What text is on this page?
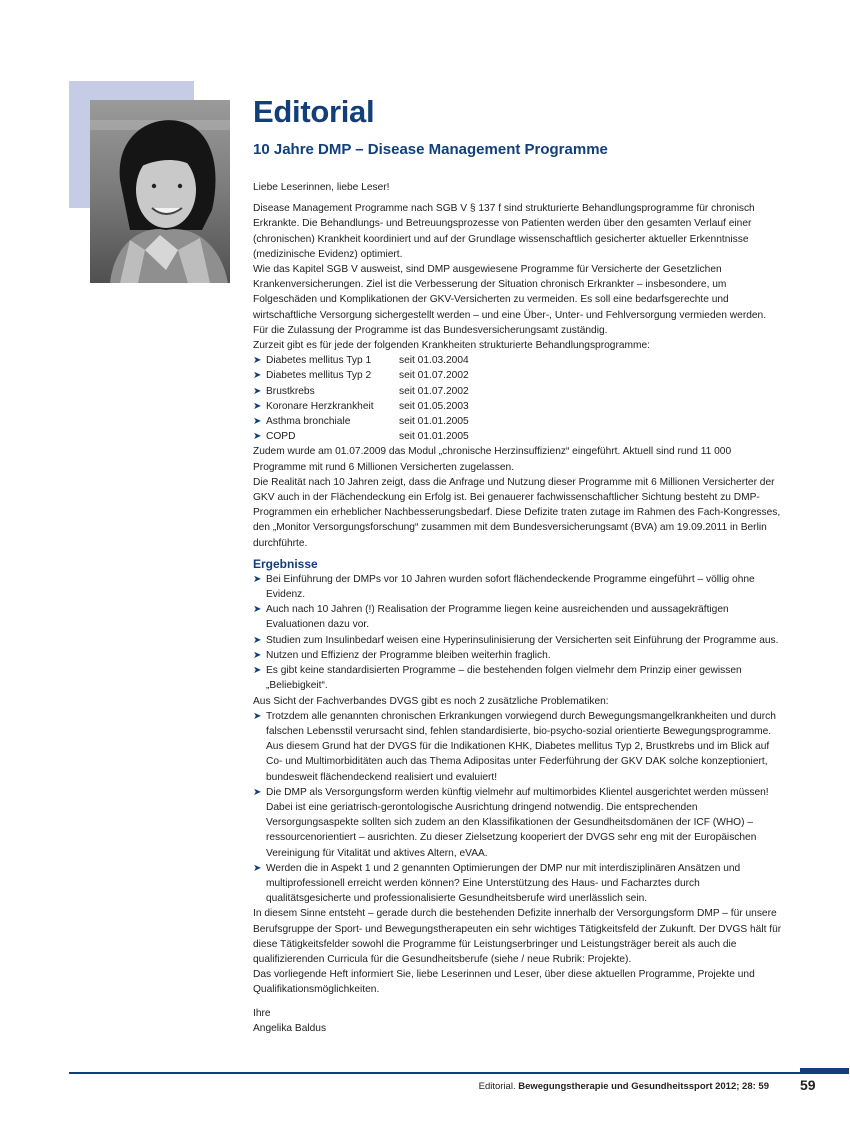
Editorial
10 Jahre DMP – Disease Management Programme

Liebe Leserinnen, liebe Leser!

Disease Management Programme nach SGB V § 137 f sind strukturierte Behandlungsprogramme für chronisch Erkrankte. Die Behandlungs- und Betreuungsprozesse von Patienten werden über den gesamten Verlauf einer (chronischen) Krankheit koordiniert und auf der Grundlage wissenschaftlich gesicherter aktueller Erkenntnisse (medizinische Evidenz) optimiert.

Wie das Kapitel SGB V ausweist, sind DMP ausgewiesene Programme für Versicherte der Gesetzlichen Krankenversicherungen. Ziel ist die Verbesserung der Situation chronisch Erkrankter – insbesondere, um Folgeschäden und Komplikationen der GKV-Versicherten zu vermeiden. Es soll eine bedarfsgerechte und wirtschaftliche Versorgung sichergestellt werden – und eine Über-, Unter- und Fehlversorgung vermieden werden. Für die Zulassung der Programme ist das Bundesversicherungsamt zuständig.

Zurzeit gibt es für jede der folgenden Krankheiten strukturierte Behandlungsprogramme:

➤ Diabetes mellitus Typ 1	seit 01.03.2004
➤ Diabetes mellitus Typ 2	seit 01.07.2002
➤ Brustkrebs	seit 01.07.2002
➤ Koronare Herzkrankheit	seit 01.05.2003
➤ Asthma bronchiale	seit 01.01.2005
➤ COPD	seit 01.01.2005

Zudem wurde am 01.07.2009 das Modul „chronische Herzinsuffizienz“ eingeführt. Aktuell sind rund 11 000 Programme mit rund 6 Millionen Versicherten zugelassen.

Die Realität nach 10 Jahren zeigt, dass die Anfrage und Nutzung dieser Programme mit 6 Millionen Versicherter der GKV auch in der Flächendeckung ein Erfolg ist. Bei genauerer fachwissenschaftlicher Sichtung besteht zu DMP-Programmen ein erheblicher Nachbesserungsbedarf. Diese Defizite traten zutage im Rahmen des Fach-Kongresses, den „Monitor Versorgungsforschung“ zusammen mit dem Bundesversicherungsamt (BVA) am 19.09.2011 in Berlin durchführte.

Ergebnisse
➤ Bei Einführung der DMPs vor 10 Jahren wurden sofort flächendeckende Programme eingeführt – völlig ohne Evidenz.
➤ Auch nach 10 Jahren (!) Realisation der Programme liegen keine ausreichenden und aussagekräftigen Evaluationen dazu vor.
➤ Studien zum Insulinbedarf weisen eine Hyperinsulinisierung der Versicherten seit Einführung der Programme aus.
➤ Nutzen und Effizienz der Programme bleiben weiterhin fraglich.
➤ Es gibt keine standardisierten Programme – die bestehenden folgen vielmehr dem Prinzip einer gewissen „Beliebigkeit“.

Aus Sicht der Fachverbandes DVGS gibt es noch 2 zusätzliche Problematiken:

➤ Trotzdem alle genannten chronischen Erkrankungen vorwiegend durch Bewegungsmangelkrankheiten und durch falschen Lebensstil verursacht sind, fehlen standardisierte, bio-psycho-sozial orientierte Bewegungsprogramme. Aus diesem Grund hat der DVGS für die Indikationen KHK, Diabetes mellitus Typ 2, Brustkrebs und im Blick auf Co- und Multimorbiditäten auch das Thema Adipositas unter Federführung der GKV DAK solche konzeptioniert, bundesweit flächendeckend realisiert und evaluiert!
➤ Die DMP als Versorgungsform werden künftig vielmehr auf multimorbides Klientel ausgerichtet werden müssen! Dabei ist eine geriatrisch-gerontologische Ausrichtung dringend notwendig. Die entsprechenden Versorgungsaspekte sollten sich zudem an den Klassifikationen der Gesundheitsdomänen der ICF (WHO) – ressourcenorientiert – ausrichten. Zu dieser Zielsetzung kooperiert der DVGS sehr eng mit der Europäischen Vereinigung für Vitalität und aktives Altern, eVAA.
➤ Werden die in Aspekt 1 und 2 genannten Optimierungen der DMP nur mit interdisziplinären Ansätzen und multiprofessionell erreicht werden können? Eine Unterstützung des Haus- und Facharztes durch qualitätsgesicherte und professionalisierte Gesundheitsberufe wird unerlässlich sein.

In diesem Sinne entsteht – gerade durch die bestehenden Defizite innerhalb der Versorgungsform DMP – für unsere Berufsgruppe der Sport- und Bewegungstherapeuten ein sehr wichtiges Tätigkeitsfeld der Zukunft. Der DVGS hält für diese Tätigkeitsfelder sowohl die Programme für Leistungserbringer und Leistungsträger bereit als auch die qualifizierenden Curricula für die Gesundheitsberufe (siehe / neue Rubrik: Projekte).

Das vorliegende Heft informiert Sie, liebe Leserinnen und Leser, über diese aktuellen Programme, Projekte und Qualifikationsmöglichkeiten.

Ihre

Angelika Baldus

Editorial. Bewegungstherapie und Gesundheitssport 2012; 28: 59 59
